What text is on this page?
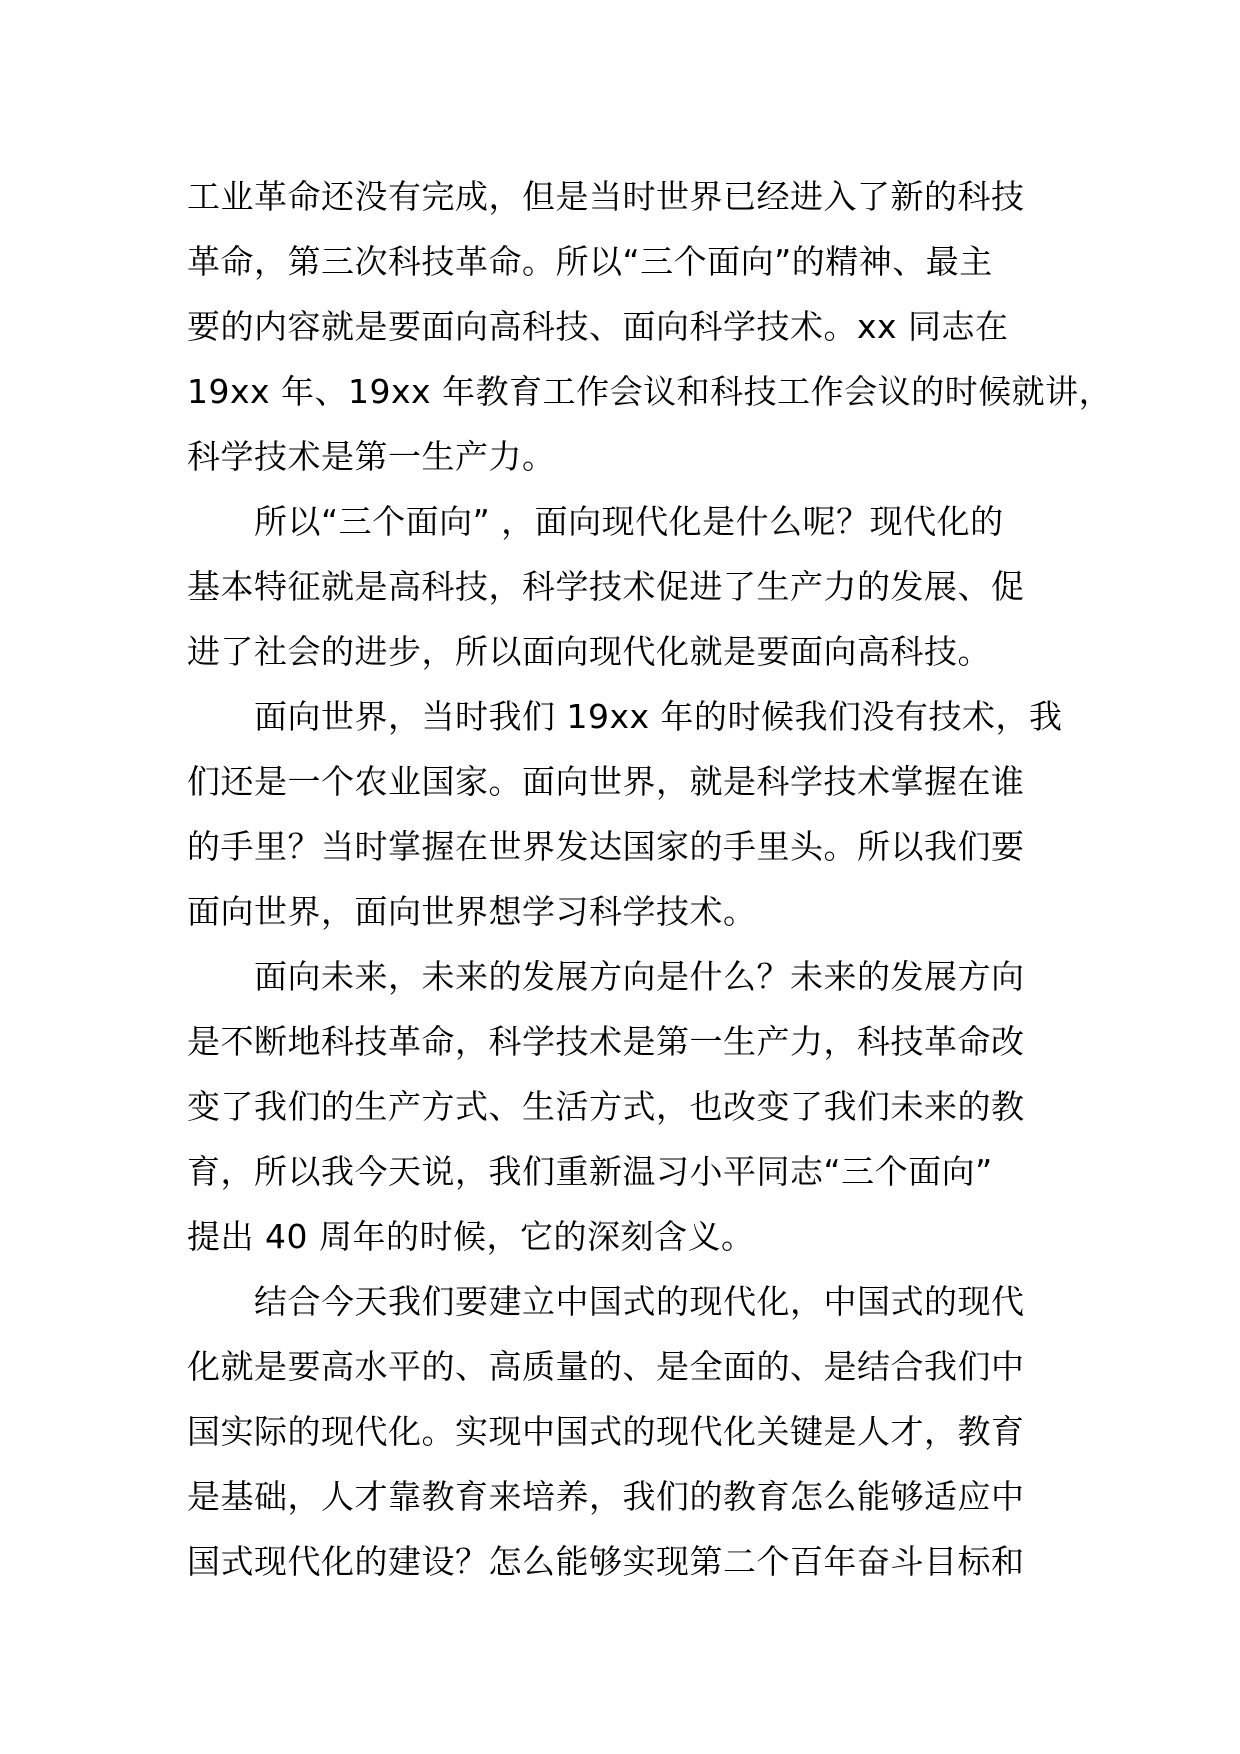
工业革命还没有完成，但是当时世界已经进入了新的科技
革命，第三次科技革命。所以“三个面向”的精神、最主
要的内容就是要面向高科技、面向科学技术。xx 同志在
19xx 年、19xx 年教育工作会议和科技工作会议的时候就讲，
科学技术是第一生产力。
所以“三个面向” ，面向现代化是什么呢？现代化的
基本特征就是高科技，科学技术促进了生产力的发展、促
进了社会的进步，所以面向现代化就是要面向高科技。
面向世界，当时我们 19xx 年的时候我们没有技术，我
们还是一个农业国家。面向世界，就是科学技术掌握在谁
的手里？当时掌握在世界发达国家的手里头。所以我们要
面向世界，面向世界想学习科学技术。
面向未来，未来的发展方向是什么？未来的发展方向
是不断地科技革命，科学技术是第一生产力，科技革命改
变了我们的生产方式、生活方式，也改变了我们未来的教
育，所以我今天说，我们重新温习小平同志“三个面向”
提出 40 周年的时候，它的深刻含义。
结合今天我们要建立中国式的现代化，中国式的现代
化就是要高水平的、高质量的、是全面的、是结合我们中
国实际的现代化。实现中国式的现代化关键是人才，教育
是基础，人才靠教育来培养，我们的教育怎么能够适应中
国式现代化的建设？怎么能够实现第二个百年奋斗目标和
